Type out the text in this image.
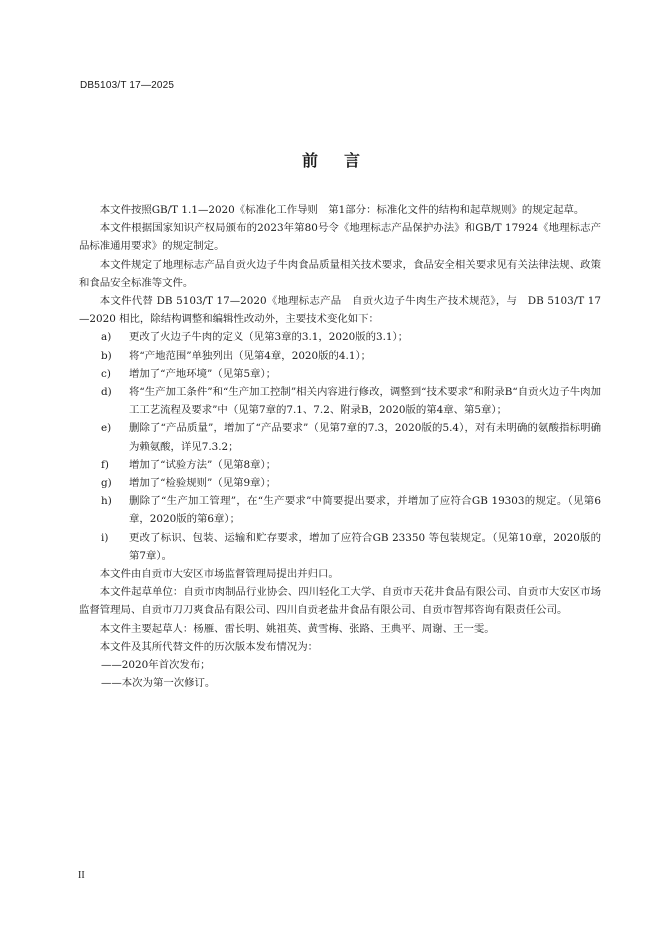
DB5103/T 17—2025
前言

本文件按照GB/T 1.1—2020《标准化工作导则　第1部分：标准化文件的结构和起草规则》的规定起草。

本文件根据国家知识产权局颁布的2023年第80号令《地理标志产品保护办法》和GB/T 17924《地理标志产品标准通用要求》的规定制定。

本文件规定了地理标志产品自贡火边子牛肉食品质量相关技术要求，食品安全相关要求见有关法律法规、政策和食品安全标准等文件。

本文件代替 DB 5103/T 17—2020《地理标志产品　自贡火边子牛肉生产技术规范》，与　DB 5103/T 17—2020 相比，除结构调整和编辑性改动外，主要技术变化如下：

a)	更改了火边子牛肉的定义（见第3章的3.1，2020版的3.1）；
b)	将“产地范围”单独列出（见第4章，2020版的4.1）；
c)	增加了“产地环境”（见第5章）；
d)	将“生产加工条件”和“生产加工控制”相关内容进行修改，调整到“技术要求”和附录B“自贡火边子牛肉加工工艺流程及要求”中（见第7章的7.1、7.2、附录B，2020版的第4章、第5章）；
e)	删除了“产品质量”，增加了“产品要求”（见第7章的7.3，2020版的5.4），对有未明确的氨酸指标明确为赖氨酸，详见7.3.2；
f)	增加了“试验方法”（见第8章）；
g)	增加了“检验规则”（见第9章）；
h)	删除了“生产加工管理”，在“生产要求”中简要提出要求，并增加了应符合GB 19303的规定。（见第6章，2020版的第6章）；
i)	更改了标识、包装、运输和贮存要求，增加了应符合GB 23350 等包装规定。（见第10章，2020版的第7章）。

本文件由自贡市大安区市场监督管理局提出并归口。

本文件起草单位：自贡市肉制品行业协会、四川轻化工大学、自贡市天花井食品有限公司、自贡市大安区市场监督管理局、自贡市刀刀爽食品有限公司、四川自贡老盐井食品有限公司、自贡市智邦咨询有限责任公司。

本文件主要起草人：杨雁、雷长明、姚祖英、黄雪梅、张路、王典平、周谢、王一雯。

本文件及其所代替文件的历次版本发布情况为：

——2020年首次发布；
——本次为第一次修订。
II
